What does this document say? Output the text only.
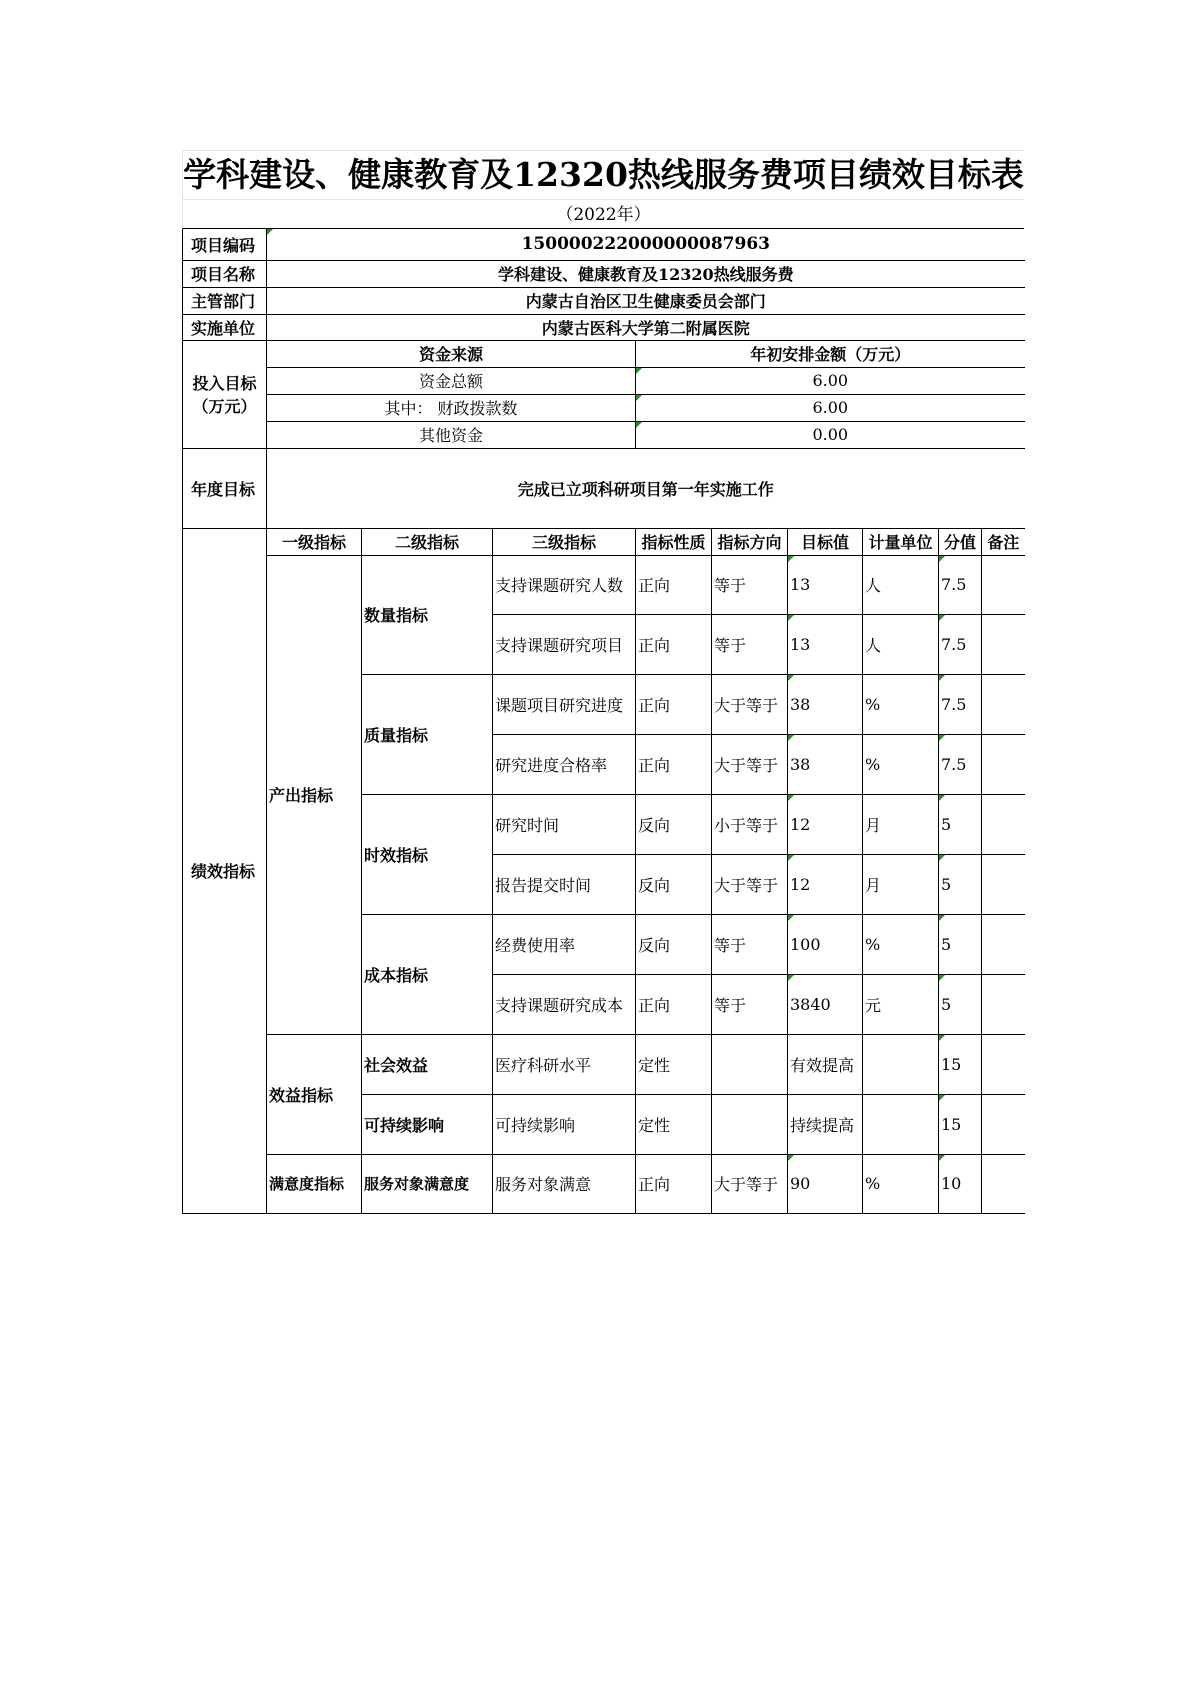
学科建设、健康教育及12320热线服务费项目绩效目标表
（2022年）
项目编码	150000222000000087963								
项目名称	学科建设、健康教育及12320热线服务费								
主管部门	内蒙古自治区卫生健康委员会部门								
实施单位	内蒙古医科大学第二附属医院								

投入目标
（万元）	资金来源			年初安排金额（万元）					
	资金总额			6.00					
	其中： 财政拨款数			6.00					
	其他资金			0.00					
年度目标	完成已立项科研项目第一年实施工作								
绩效指标	一级指标	二级指标	三级指标	指标性质	指标方向	目标值	计量单位	分值	备注
	产出指标	数量指标	支持课题研究人数	正向	等于	13	人	7.5	
			支持课题研究项目	正向	等于	13	人	7.5	
		质量指标	课题项目研究进度	正向	大于等于	38	%	7.5	
			研究进度合格率	正向	大于等于	38	%	7.5	
		时效指标	研究时间	反向	小于等于	12	月	5	
			报告提交时间	反向	大于等于	12	月	5	
		成本指标	经费使用率	反向	等于	100	%	5	
			支持课题研究成本	正向	等于	3840	元	5	
	效益指标	社会效益	医疗科研水平	定性		有效提高		15	
		可持续影响	可持续影响	定性		持续提高		15	
	满意度指标	服务对象满意度	服务对象满意	正向	大于等于	90	%	10	
